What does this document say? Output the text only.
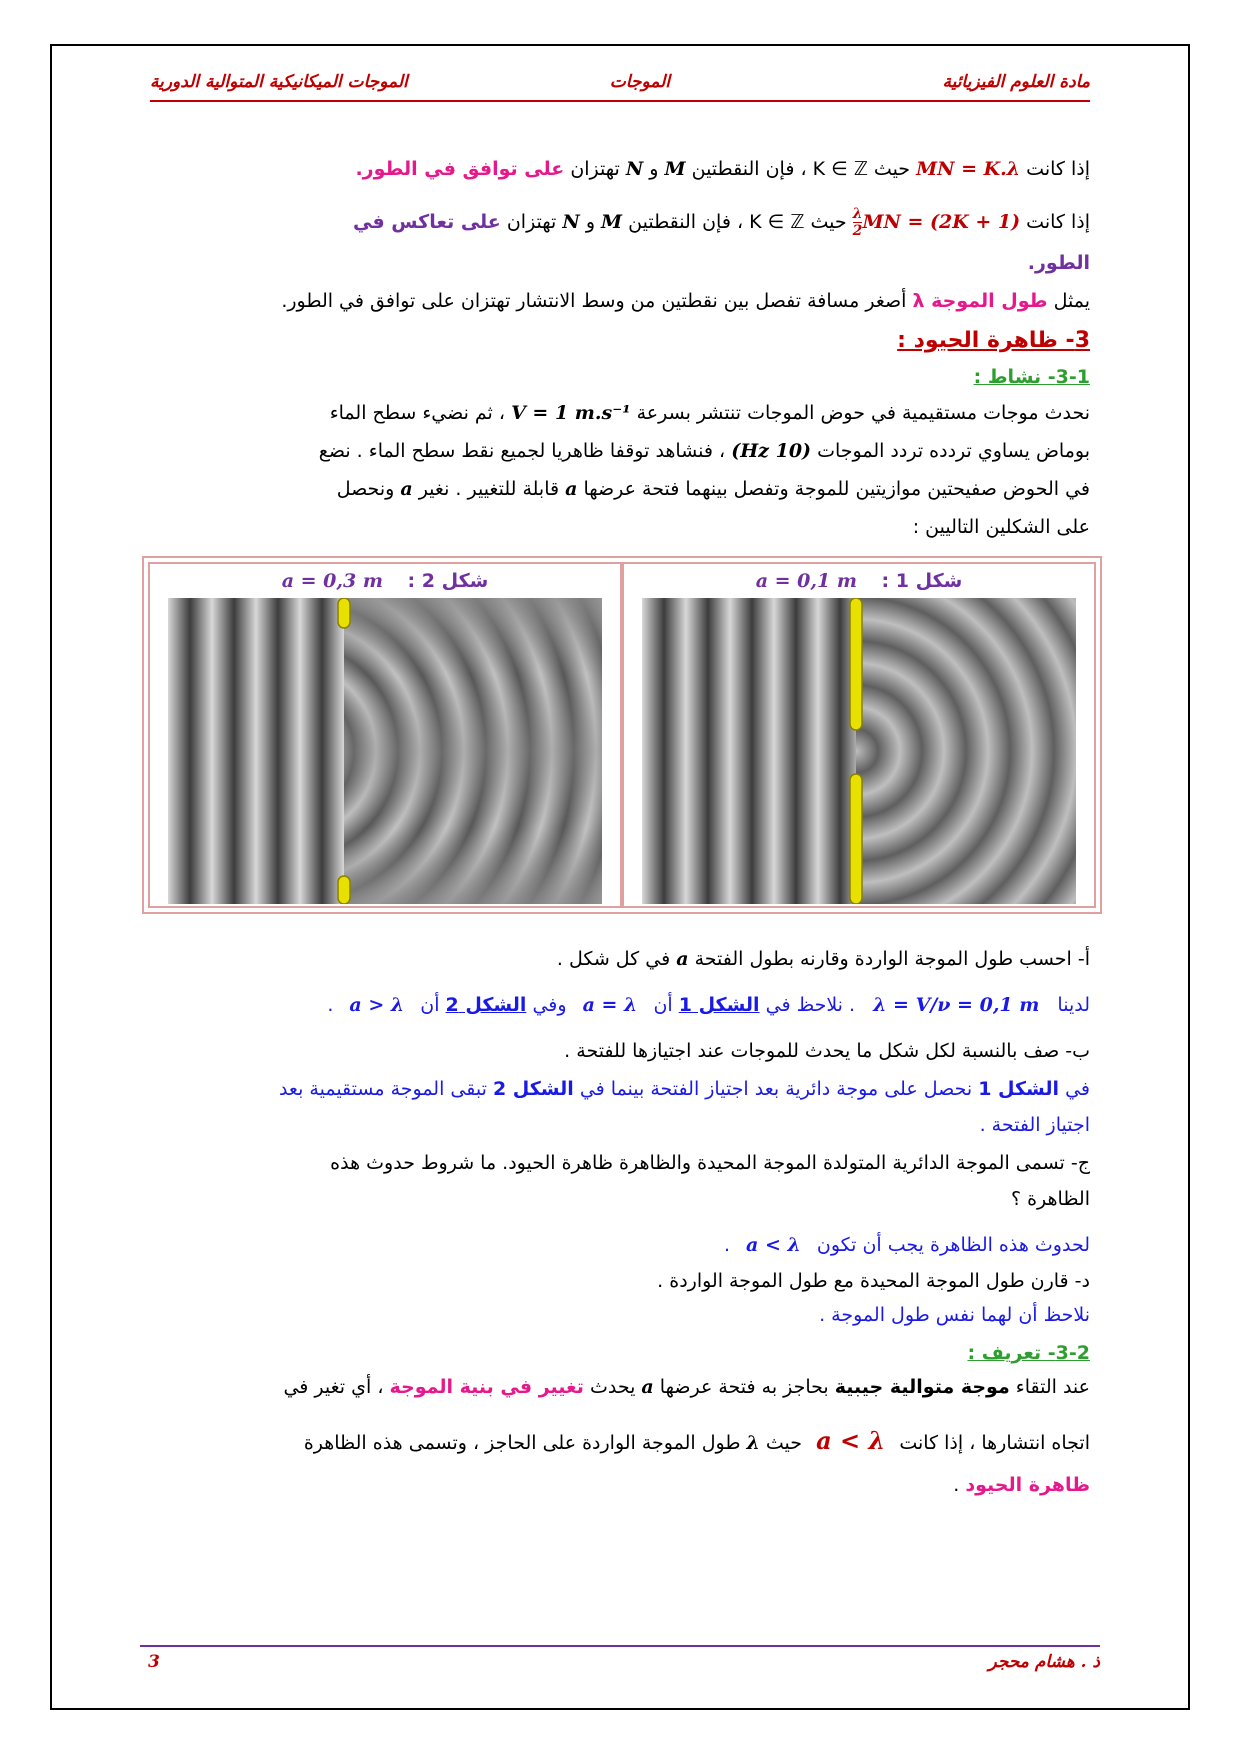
مادة العلوم الفيزيائية
الموجات
الموجات الميكانيكية المتوالية الدورية
إذا كانت MN = K.λ حيث K ∈ ℤ ، فإن النقطتين M و N تهتزان على توافق في الطور.
إذا كانت MN = (2K + 1)
$\frac{\lambda}{2}$
حيث K ∈ ℤ ، فإن النقطتين M و N تهتزان على تعاكس في
الطور.
يمثل طول الموجة λ أصغر مسافة تفصل بين نقطتين من وسط الانتشار تهتزان على توافق في الطور.
3- ظاهرة الحيود :
3-1- نشاط :
نحدث موجات مستقيمية في حوض الموجات تنتشر بسرعة V = 1 m.s⁻¹ ، ثم نضيء سطح الماء
بوماض يساوي تردده تردد الموجات (10 Hz) ، فنشاهد توقفا ظاهريا لجميع نقط سطح الماء . نضع
في الحوض صفيحتين موازيتين للموجة وتفصل بينهما فتحة عرضها a قابلة للتغيير . نغير a ونحصل
على الشكلين التاليين :
شكل 1 : a = 0,1 m
شكل 2 : a = 0,3 m
أ- احسب طول الموجة الواردة وقارنه بطول الفتحة a في كل شكل .
لدينا λ = V/ν = 0,1 m . نلاحظ في الشكل 1 أن a = λ وفي الشكل 2 أن a > λ .
ب- صف بالنسبة لكل شكل ما يحدث للموجات عند اجتيازها للفتحة .
في الشكل 1 نحصل على موجة دائرية بعد اجتياز الفتحة بينما في الشكل 2 تبقى الموجة مستقيمية بعد
اجتياز الفتحة .
ج- تسمى الموجة الدائرية المتولدة الموجة المحيدة والظاهرة ظاهرة الحيود. ما شروط حدوث هذه
الظاهرة ؟
لحدوث هذه الظاهرة يجب أن تكون a < λ .
د- قارن طول الموجة المحيدة مع طول الموجة الواردة .
نلاحظ أن لهما نفس طول الموجة .
3-2- تعريف :
عند التقاء موجة متوالية جيبية بحاجز به فتحة عرضها a يحدث تغيير في بنية الموجة ، أي تغير في
اتجاه انتشارها ، إذا كانت a < λ حيث λ طول الموجة الواردة على الحاجز ، وتسمى هذه الظاهرة
ظاهرة الحيود .
ذ . هشام محجر
3
